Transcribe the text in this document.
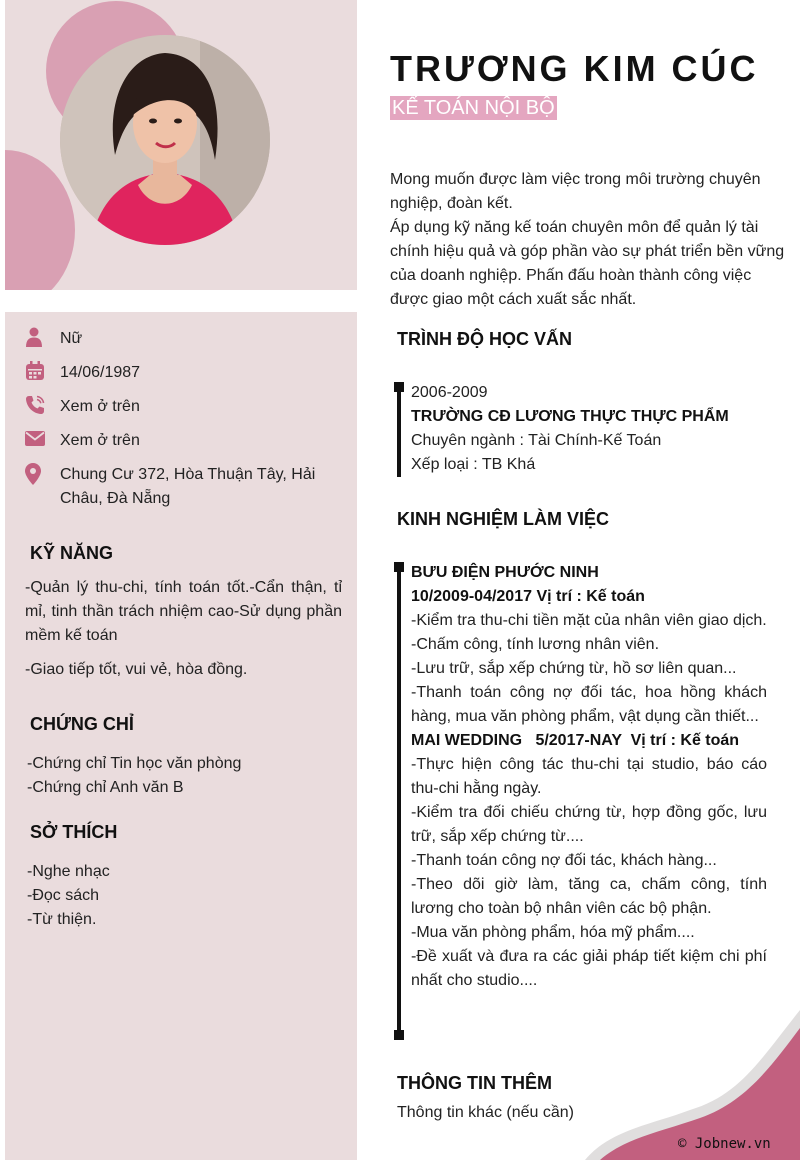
TRƯƠNG KIM CÚC
KẾ TOÁN NỘI BỘ

Mong muốn được làm việc trong môi trường chuyên nghiệp, đoàn kết.

Áp dụng kỹ năng kế toán chuyên môn để quản lý tài chính hiệu quả và góp phần vào sự phát triển bền vững của doanh nghiệp. Phấn đấu hoàn thành công việc được giao một cách xuất sắc nhất.

Nữ
14/06/1987
Xem ở trên
Xem ở trên
Chung Cư 372, Hòa Thuận Tây, Hải Châu, Đà Nẵng
KỸ NĂNG

-Quản lý thu-chi, tính toán tốt.-Cẩn thận, tỉ mỉ, tinh thần trách nhiệm cao-Sử dụng phần mềm kế toán

-Giao tiếp tốt, vui vẻ, hòa đồng.

CHỨNG CHỈ

-Chứng chỉ Tin học văn phòng

-Chứng chỉ Anh văn B

SỞ THÍCH

-Nghe nhạc

-Đọc sách

-Từ thiện.

TRÌNH ĐỘ HỌC VẤN
2006-2009
TRƯỜNG CĐ LƯƠNG THỰC THỰC PHẨM
Chuyên ngành : Tài Chính-Kế Toán
Xếp loại : TB Khá
KINH NGHIỆM LÀM VIỆC
BƯU ĐIỆN PHƯỚC NINH
10/2009-04/2017 Vị trí : Kế toán
-Kiểm tra thu-chi tiền mặt của nhân viên giao dịch.
-Chấm công, tính lương nhân viên.
-Lưu trữ, sắp xếp chứng từ, hồ sơ liên quan...
-Thanh toán công nợ đối tác, hoa hồng khách hàng, mua văn phòng phẩm, vật dụng cần thiết...
MAI WEDDING   5/2017-NAY  Vị trí : Kế toán
-Thực hiện công tác thu-chi tại studio, báo cáo thu-chi hằng ngày.
-Kiểm tra đối chiếu chứng từ, hợp đồng gốc, lưu trữ, sắp xếp chứng từ....
-Thanh toán công nợ đối tác, khách hàng...
-Theo dõi giờ làm, tăng ca, chấm công, tính lương cho toàn bộ nhân viên các bộ phận.
-Mua văn phòng phẩm, hóa mỹ phẩm....
-Đề xuất và đưa ra các giải pháp tiết kiệm chi phí nhất cho studio....
THÔNG TIN THÊM
Thông tin khác (nếu cần)
© Jobnew.vn
